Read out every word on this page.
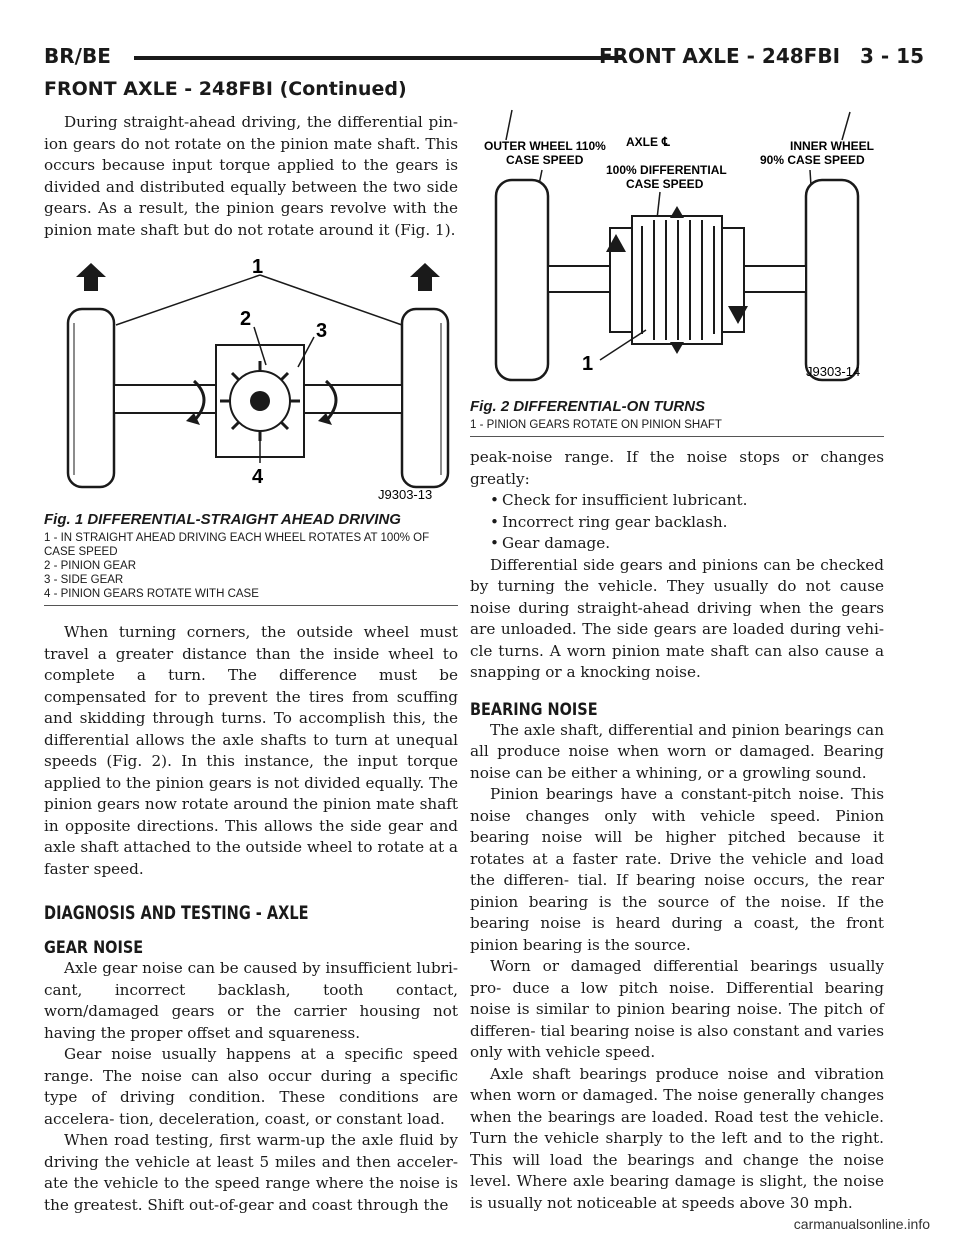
BR/BE	FRONT AXLE - 248FBI 3 - 15
FRONT AXLE - 248FBI (Continued)

During straight-ahead driving, the differential pin- ion gears do not rotate on the pinion mate shaft. This occurs because input torque applied to the gears is divided and distributed equally between the two side gears. As a result, the pinion gears revolve with the pinion mate shaft but do not rotate around it (Fig. 1).

1
2
3
4
J9303-13
Fig. 1 DIFFERENTIAL-STRAIGHT AHEAD DRIVING
1 - IN STRAIGHT AHEAD DRIVING EACH WHEEL ROTATES AT 100% OF CASE SPEED
2 - PINION GEAR
3 - SIDE GEAR
4 - PINION GEARS ROTATE WITH CASE

When turning corners, the outside wheel must travel a greater distance than the inside wheel to complete a turn. The difference must be compensated for to prevent the tires from scuffing and skidding through turns. To accomplish this, the differential allows the axle shafts to turn at unequal speeds (Fig. 2). In this instance, the input torque applied to the pinion gears is not divided equally. The pinion gears now rotate around the pinion mate shaft in opposite directions. This allows the side gear and axle shaft attached to the outside wheel to rotate at a faster speed.

DIAGNOSIS AND TESTING - AXLE
GEAR NOISE

Axle gear noise can be caused by insufficient lubri- cant, incorrect backlash, tooth contact, worn/damaged gears or the carrier housing not having the proper offset and squareness.

Gear noise usually happens at a specific speed range. The noise can also occur during a specific type of driving condition. These conditions are accelera- tion, deceleration, coast, or constant load.

When road testing, first warm-up the axle fluid by driving the vehicle at least 5 miles and then acceler- ate the vehicle to the speed range where the noise is the greatest. Shift out-of-gear and coast through the

OUTER WHEEL 110%
CASE SPEED
AXLE ℄
100% DIFFERENTIAL
CASE SPEED
INNER WHEEL
90% CASE SPEED
1	J9303-14
Fig. 2 DIFFERENTIAL-ON TURNS
1 - PINION GEARS ROTATE ON PINION SHAFT

peak-noise range. If the noise stops or changes greatly:

• Check for insufficient lubricant.
• Incorrect ring gear backlash.
• Gear damage.

Differential side gears and pinions can be checked by turning the vehicle. They usually do not cause noise during straight-ahead driving when the gears are unloaded. The side gears are loaded during vehi- cle turns. A worn pinion mate shaft can also cause a snapping or a knocking noise.

BEARING NOISE

The axle shaft, differential and pinion bearings can all produce noise when worn or damaged. Bearing noise can be either a whining, or a growling sound.

Pinion bearings have a constant-pitch noise. This noise changes only with vehicle speed. Pinion bearing noise will be higher pitched because it rotates at a faster rate. Drive the vehicle and load the differen- tial. If bearing noise occurs, the rear pinion bearing is the source of the noise. If the bearing noise is heard during a coast, the front pinion bearing is the source.

Worn or damaged differential bearings usually pro- duce a low pitch noise. Differential bearing noise is similar to pinion bearing noise. The pitch of differen- tial bearing noise is also constant and varies only with vehicle speed.

Axle shaft bearings produce noise and vibration when worn or damaged. The noise generally changes when the bearings are loaded. Road test the vehicle. Turn the vehicle sharply to the left and to the right. This will load the bearings and change the noise level. Where axle bearing damage is slight, the noise is usually not noticeable at speeds above 30 mph.

carmanualsonline.info
